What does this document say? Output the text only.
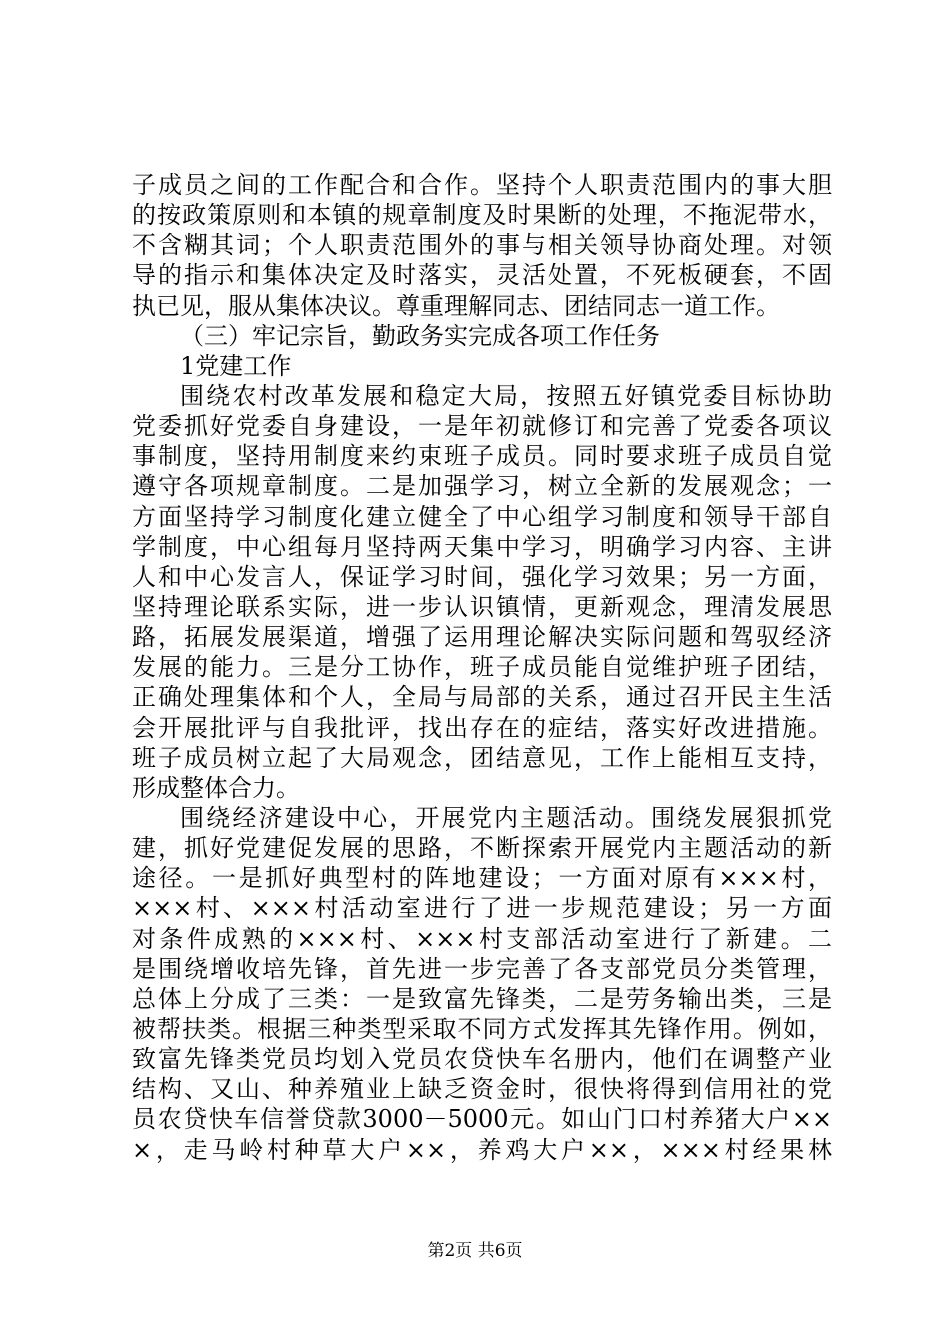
子成员之间的工作配合和合作。坚持个人职责范围内的事大胆
的按政策原则和本镇的规章制度及时果断的处理，不拖泥带水，
不含糊其词；个人职责范围外的事与相关领导协商处理。对领
导的指示和集体决定及时落实，灵活处置，不死板硬套，不固
执已见，服从集体决议。尊重理解同志、团结同志一道工作。
（三）牢记宗旨，勤政务实完成各项工作任务
1党建工作
围绕农村改革发展和稳定大局，按照五好镇党委目标协助
党委抓好党委自身建设，一是年初就修订和完善了党委各项议
事制度，坚持用制度来约束班子成员。同时要求班子成员自觉
遵守各项规章制度。二是加强学习，树立全新的发展观念；一
方面坚持学习制度化建立健全了中心组学习制度和领导干部自
学制度，中心组每月坚持两天集中学习，明确学习内容、主讲
人和中心发言人，保证学习时间，强化学习效果；另一方面，
坚持理论联系实际，进一步认识镇情，更新观念，理清发展思
路，拓展发展渠道，增强了运用理论解决实际问题和驾驭经济
发展的能力。三是分工协作，班子成员能自觉维护班子团结，
正确处理集体和个人，全局与局部的关系，通过召开民主生活
会开展批评与自我批评，找出存在的症结，落实好改进措施。
班子成员树立起了大局观念，团结意见，工作上能相互支持，
形成整体合力。
围绕经济建设中心，开展党内主题活动。围绕发展狠抓党
建，抓好党建促发展的思路，不断探索开展党内主题活动的新
途径。一是抓好典型村的阵地建设；一方面对原有×××村，
×××村、×××村活动室进行了进一步规范建设；另一方面
对条件成熟的×××村、×××村支部活动室进行了新建。二
是围绕增收培先锋，首先进一步完善了各支部党员分类管理，
总体上分成了三类：一是致富先锋类，二是劳务输出类，三是
被帮扶类。根据三种类型采取不同方式发挥其先锋作用。例如，
致富先锋类党员均划入党员农贷快车名册内，他们在调整产业
结构、又山、种养殖业上缺乏资金时，很快将得到信用社的党
员农贷快车信誉贷款3000－5000元。如山门口村养猪大户××
×，走马岭村种草大户××，养鸡大户××，×××村经果林
第2页 共6页
